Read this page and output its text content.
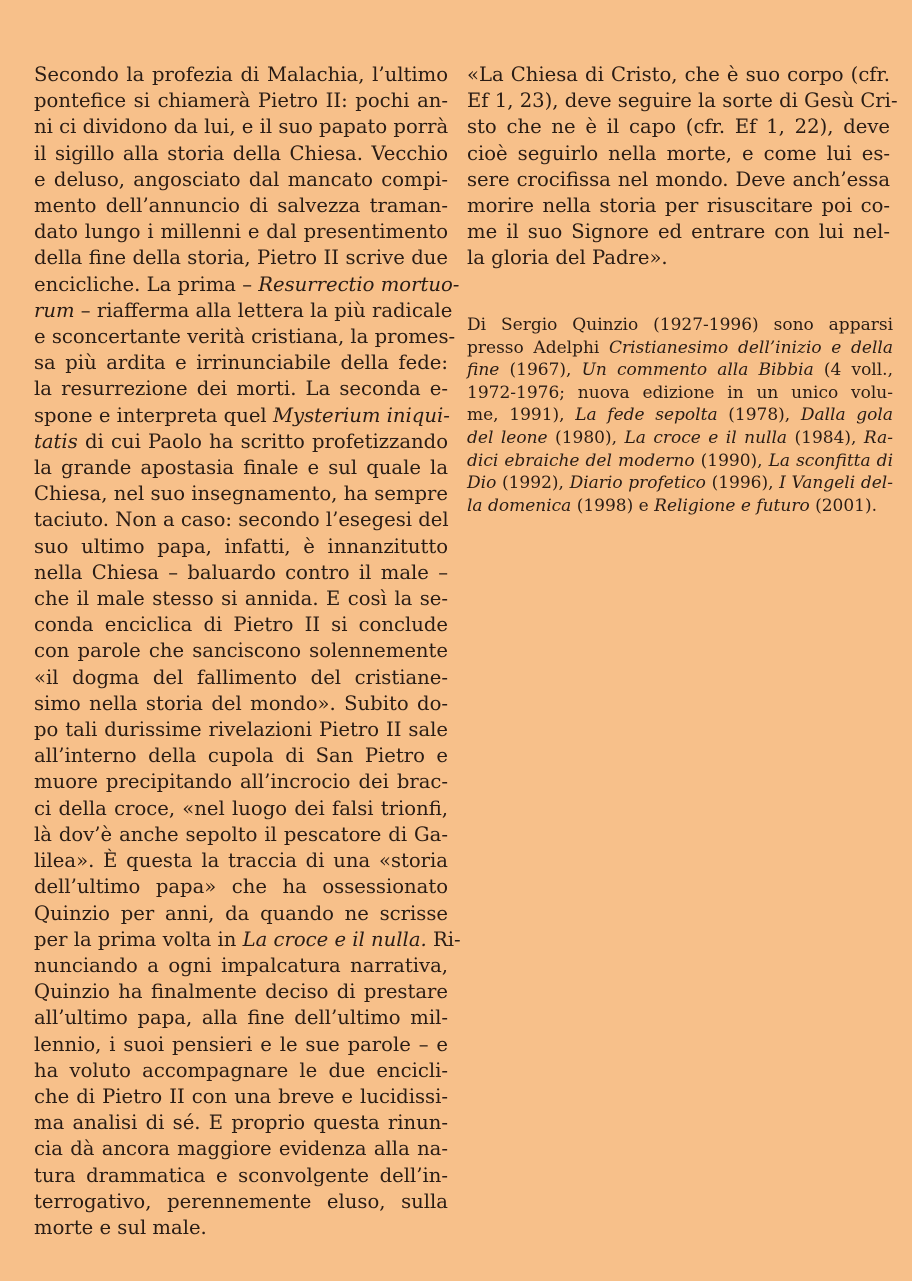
Secondo la profezia di Malachia, l’ultimo
pontefice si chiamerà Pietro II: pochi an-
ni ci dividono da lui, e il suo papato porrà
il sigillo alla storia della Chiesa. Vecchio
e deluso, angosciato dal mancato compi-
mento dell’annuncio di salvezza traman-
dato lungo i millenni e dal presentimento
della fine della storia, Pietro II scrive due
encicliche. La prima – Resurrectio mortuo-
rum – riafferma alla lettera la più radicale
e sconcertante verità cristiana, la promes-
sa più ardita e irrinunciabile della fede:
la resurrezione dei morti. La seconda e-
spone e interpreta quel Mysterium iniqui-
tatis di cui Paolo ha scritto profetizzando
la grande apostasia finale e sul quale la
Chiesa, nel suo insegnamento, ha sempre
taciuto. Non a caso: secondo l’esegesi del
suo ultimo papa, infatti, è innanzitutto
nella Chiesa – baluardo contro il male –
che il male stesso si annida. E così la se-
conda enciclica di Pietro II si conclude
con parole che sanciscono solennemente
«il dogma del fallimento del cristiane-
simo nella storia del mondo». Subito do-
po tali durissime rivelazioni Pietro II sale
all’interno della cupola di San Pietro e
muore precipitando all’incrocio dei brac-
ci della croce, «nel luogo dei falsi trionfi,
là dov’è anche sepolto il pescatore di Ga-
lilea». È questa la traccia di una «storia
dell’ultimo papa» che ha ossessionato
Quinzio per anni, da quando ne scrisse
per la prima volta in La croce e il nulla. Ri-
nunciando a ogni impalcatura narrativa,
Quinzio ha finalmente deciso di prestare
all’ultimo papa, alla fine dell’ultimo mil-
lennio, i suoi pensieri e le sue parole – e
ha voluto accompagnare le due encicli-
che di Pietro II con una breve e lucidissi-
ma analisi di sé. E proprio questa rinun-
cia dà ancora maggiore evidenza alla na-
tura drammatica e sconvolgente dell’in-
terrogativo, perennemente eluso, sulla
morte e sul male.
«La Chiesa di Cristo, che è suo corpo (cfr.
Ef 1, 23), deve seguire la sorte di Gesù Cri-
sto che ne è il capo (cfr. Ef 1, 22), deve
cioè seguirlo nella morte, e come lui es-
sere crocifissa nel mondo. Deve anch’essa
morire nella storia per risuscitare poi co-
me il suo Signore ed entrare con lui nel-
la gloria del Padre».
Di Sergio Quinzio (1927-1996) sono apparsi
presso Adelphi Cristianesimo dell’inizio e della
fine (1967), Un commento alla Bibbia (4 voll.,
1972-1976; nuova edizione in un unico volu-
me, 1991), La fede sepolta (1978), Dalla gola
del leone (1980), La croce e il nulla (1984), Ra-
dici ebraiche del moderno (1990), La sconfitta di
Dio (1992), Diario profetico (1996), I Vangeli del-
la domenica (1998) e Religione e futuro (2001).
